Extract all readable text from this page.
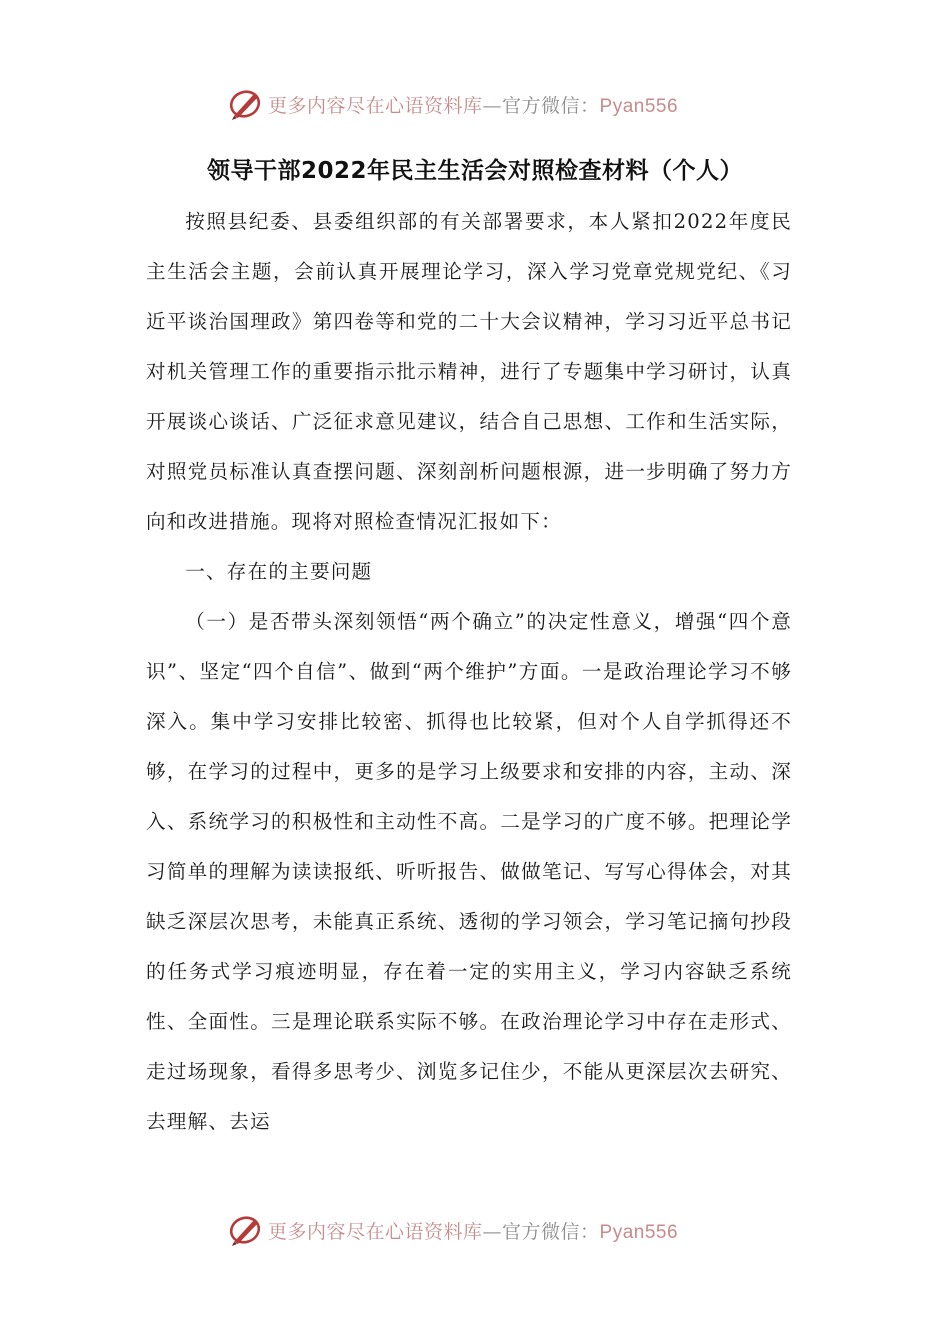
更多内容尽在心语资料库—官方微信：Pyan556
领导干部2022年民主生活会对照检查材料（个人）

按照县纪委、县委组织部的有关部署要求，本人紧扣2022年度民主生活会主题，会前认真开展理论学习，深入学习党章党规党纪、《习近平谈治国理政》第四卷等和党的二十大会议精神，学习习近平总书记对机关管理工作的重要指示批示精神，进行了专题集中学习研讨，认真开展谈心谈话、广泛征求意见建议，结合自己思想、工作和生活实际，对照党员标准认真查摆问题、深刻剖析问题根源，进一步明确了努力方向和改进措施。现将对照检查情况汇报如下：

一、存在的主要问题

（一）是否带头深刻领悟“两个确立”的决定性意义，增强“四个意识”、坚定“四个自信”、做到“两个维护”方面。一是政治理论学习不够深入。集中学习安排比较密、抓得也比较紧，但对个人自学抓得还不够，在学习的过程中，更多的是学习上级要求和安排的内容，主动、深入、系统学习的积极性和主动性不高。二是学习的广度不够。把理论学习简单的理解为读读报纸、听听报告、做做笔记、写写心得体会，对其缺乏深层次思考，未能真正系统、透彻的学习领会，学习笔记摘句抄段的任务式学习痕迹明显，存在着一定的实用主义，学习内容缺乏系统性、全面性。三是理论联系实际不够。在政治理论学习中存在走形式、走过场现象，看得多思考少、浏览多记住少，不能从更深层次去研究、去理解、去运

更多内容尽在心语资料库—官方微信：Pyan556
